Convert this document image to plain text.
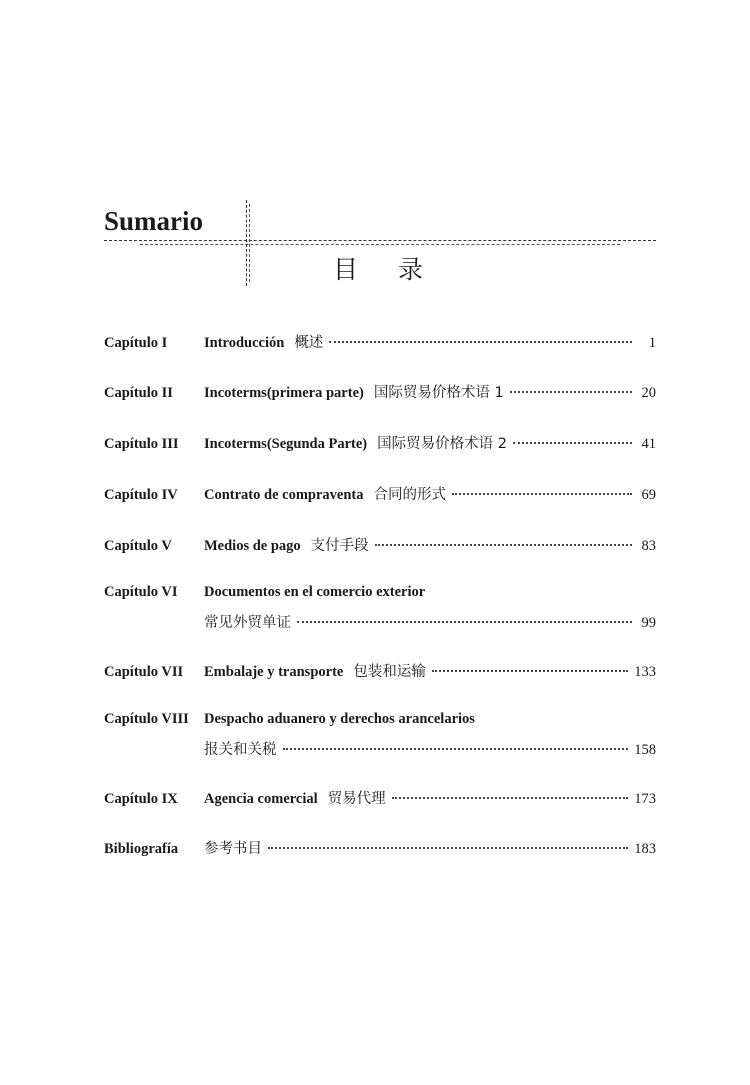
Sumario
目录
Capítulo I	Introducción 概述	1
Capítulo II	Incoterms(primera parte) 国际贸易价格术语 1	20
Capítulo III	Incoterms(Segunda Parte) 国际贸易价格术语 2	41
Capítulo IV	Contrato de compraventa 合同的形式	69
Capítulo V	Medios de pago 支付手段	83
Capítulo VI	Documentos en el comercio exterior
常见外贸单证	99
Capítulo VII	Embalaje y transporte 包装和运输	133
Capítulo VIII	Despacho aduanero y derechos arancelarios
报关和关税	158
Capítulo IX	Agencia comercial 贸易代理	173
Bibliografía	参考书目	183
